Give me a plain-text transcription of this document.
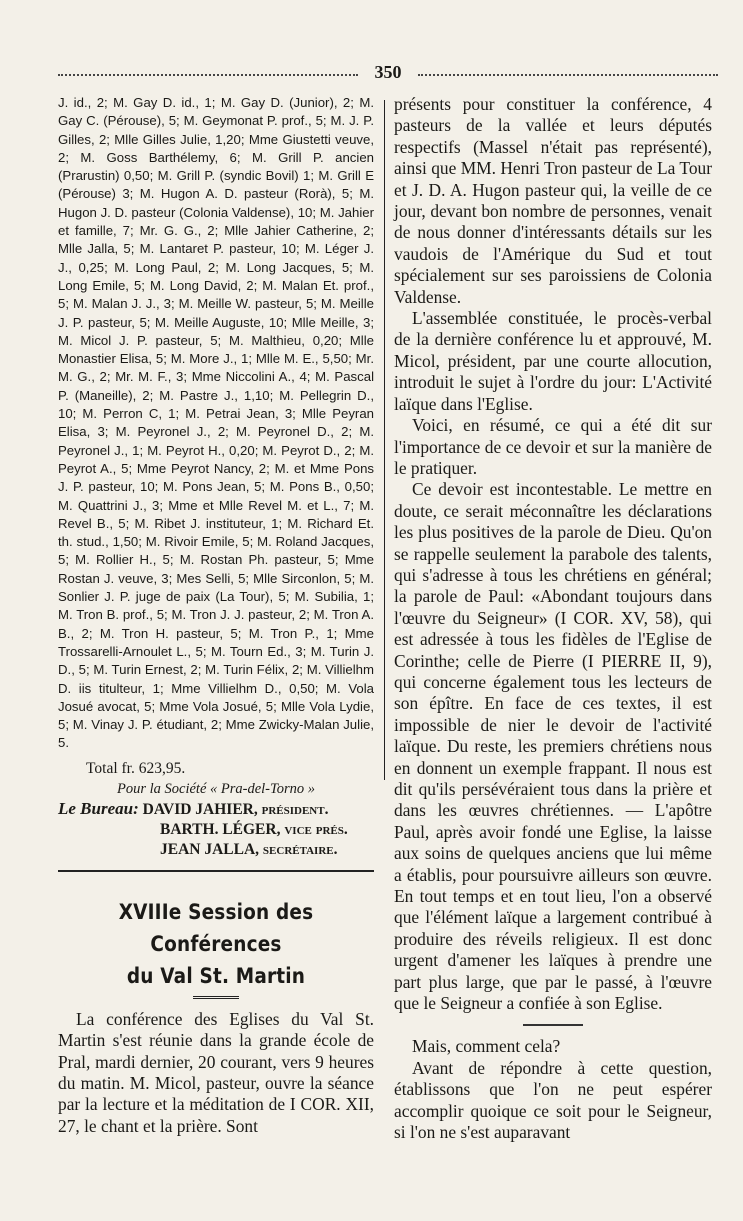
350

J. id., 2; M. Gay D. id., 1; M. Gay D. (Junior), 2; M. Gay C. (Pérouse), 5; M. Geymonat P. prof., 5; M. J. P. Gilles, 2; Mlle Gilles Julie, 1,20; Mme Giustetti veuve, 2; M. Goss Barthélemy, 6; M. Grill P. ancien (Prarustin) 0,50; M. Grill P. (syndic Bovil) 1; M. Grill E (Pérouse) 3; M. Hugon A. D. pasteur (Rorà), 5; M. Hugon J. D. pasteur (Colonia Valdense), 10; M. Jahier et famille, 7; Mr. G. G., 2; Mlle Jahier Catherine, 2; Mlle Jalla, 5; M. Lantaret P. pasteur, 10; M. Léger J. J., 0,25; M. Long Paul, 2; M. Long Jacques, 5; M. Long Emile, 5; M. Long David, 2; M. Malan Et. prof., 5; M. Malan J. J., 3; M. Meille W. pasteur, 5; M. Meille J. P. pasteur, 5; M. Meille Auguste, 10; Mlle Meille, 3; M. Micol J. P. pasteur, 5; M. Malthieu, 0,20; Mlle Monastier Elisa, 5; M. More J., 1; Mlle M. E., 5,50; Mr. M. G., 2; Mr. M. F., 3; Mme Niccolini A., 4; M. Pascal P. (Maneille), 2; M. Pastre J., 1,10; M. Pellegrin D., 10; M. Perron C, 1; M. Petrai Jean, 3; Mlle Peyran Elisa, 3; M. Peyronel J., 2; M. Peyronel D., 2; M. Peyronel J., 1; M. Peyrot H., 0,20; M. Peyrot D., 2; M. Peyrot A., 5; Mme Peyrot Nancy, 2; M. et Mme Pons J. P. pasteur, 10; M. Pons Jean, 5; M. Pons B., 0,50; M. Quattrini J., 3; Mme et Mlle Revel M. et L., 7; M. Revel B., 5; M. Ribet J. instituteur, 1; M. Richard Et. th. stud., 1,50; M. Rivoir Emile, 5; M. Roland Jacques, 5; M. Rollier H., 5; M. Rostan Ph. pasteur, 5; Mme Rostan J. veuve, 3; Mes Selli, 5; Mlle Sirconlon, 5; M. Sonlier J. P. juge de paix (La Tour), 5; M. Subilia, 1; M. Tron B. prof., 5; M. Tron J. J. pasteur, 2; M. Tron A. B., 2; M. Tron H. pasteur, 5; M. Tron P., 1; Mme Trossarelli-Arnoulet L., 5; M. Tourn Ed., 3; M. Turin J. D., 5; M. Turin Ernest, 2; M. Turin Félix, 2; M. Villielhm D. iis titulteur, 1; Mme Villielhm D., 0,50; M. Vola Josué avocat, 5; Mme Vola Josué, 5; Mlle Vola Lydie, 5; M. Vinay J. P. étudiant, 2; Mme Zwicky-Malan Julie, 5.

Total fr. 623,95.
Pour la Société « Pra-del-Torno »
Le Bureau: DAVID JAHIER, président.
BARTH. LÉGER, vice prés.
JEAN JALLA, secrétaire.
XVIIIe Session des Conférences
du Val St. Martin

La conférence des Eglises du Val St. Martin s'est réunie dans la grande école de Pral, mardi dernier, 20 courant, vers 9 heures du matin. M. Micol, pasteur, ouvre la séance par la lecture et la méditation de I COR. XII, 27, le chant et la prière. Sont

présents pour constituer la conférence, 4 pasteurs de la vallée et leurs députés respectifs (Massel n'était pas représenté), ainsi que MM. Henri Tron pasteur de La Tour et J. D. A. Hugon pasteur qui, la veille de ce jour, devant bon nombre de personnes, venait de nous donner d'intéressants détails sur les vaudois de l'Amérique du Sud et tout spécialement sur ses paroissiens de Colonia Valdense.

L'assemblée constituée, le procès-verbal de la dernière conférence lu et approuvé, M. Micol, président, par une courte allocution, introduit le sujet à l'ordre du jour: L'Activité laïque dans l'Eglise.

Voici, en résumé, ce qui a été dit sur l'importance de ce devoir et sur la manière de le pratiquer.

Ce devoir est incontestable. Le mettre en doute, ce serait méconnaître les déclarations les plus positives de la parole de Dieu. Qu'on se rappelle seulement la parabole des talents, qui s'adresse à tous les chrétiens en général; la parole de Paul: «Abondant toujours dans l'œuvre du Seigneur» (I COR. XV, 58), qui est adressée à tous les fidèles de l'Eglise de Corinthe; celle de Pierre (I PIERRE II, 9), qui concerne également tous les lecteurs de son épître. En face de ces textes, il est impossible de nier le devoir de l'activité laïque. Du reste, les premiers chrétiens nous en donnent un exemple frappant. Il nous est dit qu'ils persévéraient tous dans la prière et dans les œuvres chrétiennes. — L'apôtre Paul, après avoir fondé une Eglise, la laisse aux soins de quelques anciens que lui même a établis, pour poursuivre ailleurs son œuvre. En tout temps et en tout lieu, l'on a observé que l'élément laïque a largement contribué à produire des réveils religieux. Il est donc urgent d'amener les laïques à prendre une part plus large, que par le passé, à l'œuvre que le Seigneur a confiée à son Eglise.

Mais, comment cela?

Avant de répondre à cette question, établissons que l'on ne peut espérer accomplir quoique ce soit pour le Seigneur, si l'on ne s'est auparavant
